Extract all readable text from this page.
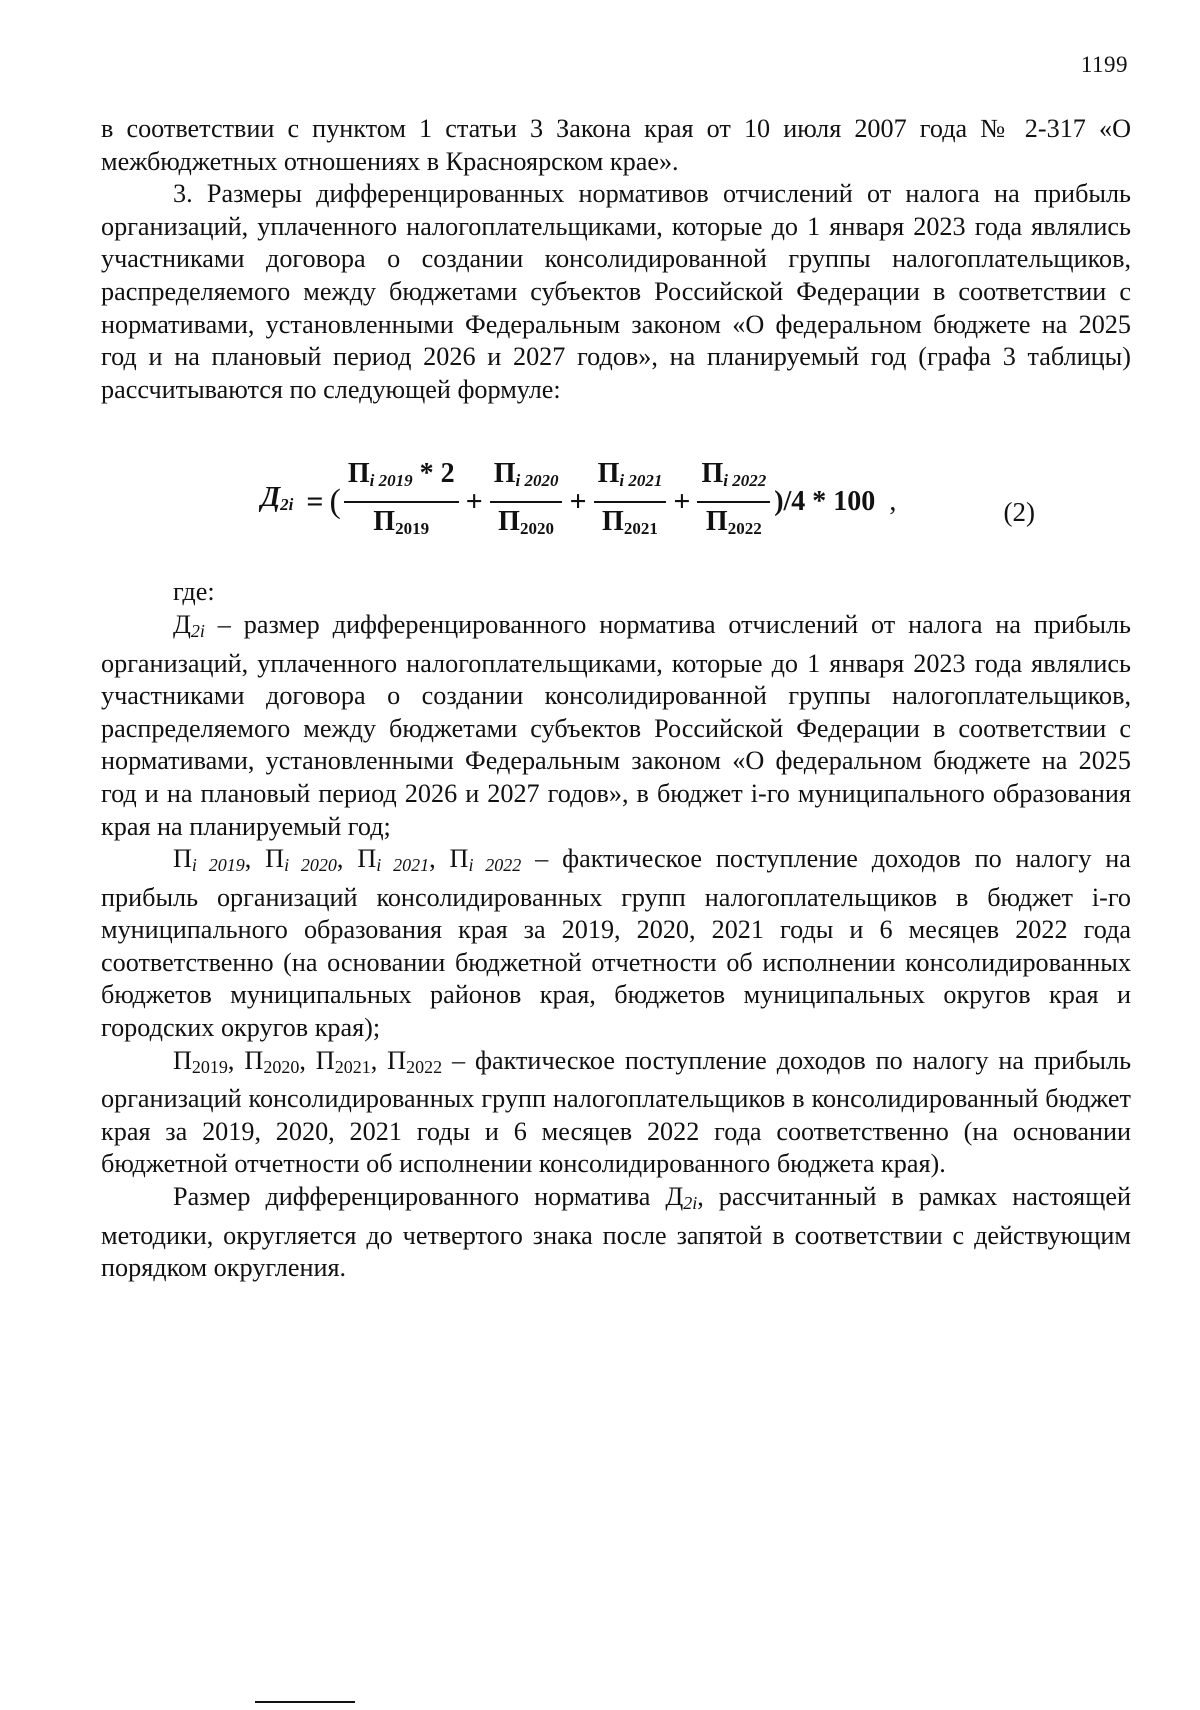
1199

в соответствии с пунктом 1 статьи 3 Закона края от 10 июля 2007 года № 2-317 «О межбюджетных отношениях в Красноярском крае».

3. Размеры дифференцированных нормативов отчислений от налога на прибыль организаций, уплаченного налогоплательщиками, которые до 1 января 2023 года являлись участниками договора о создании консолидированной группы налогоплательщиков, распределяемого между бюджетами субъектов Российской Федерации в соответствии с нормативами, установленными Федеральным законом «О федеральном бюджете на 2025 год и на плановый период 2026 и 2027 годов», на планируемый год (графа 3 таблицы) рассчитываются по следующей формуле:

$Д_{2i}$ = ( $\frac{П_{i 2019} * 2}{П_{2019}} + \frac{П_{i 2020}}{П_{2020}} + \frac{П_{i 2021}}{П_{2021}} + \frac{П_{i 2022}}{П_{2022}} )/4 * 100$ ,	(2)

где:

Д2i – размер дифференцированного норматива отчислений от налога на прибыль организаций, уплаченного налогоплательщиками, которые до 1 января 2023 года являлись участниками договора о создании консолидированной группы налогоплательщиков, распределяемого между бюджетами субъектов Российской Федерации в соответствии с нормативами, установленными Федеральным законом «О федеральном бюджете на 2025 год и на плановый период 2026 и 2027 годов», в бюджет i-го муниципального образования края на планируемый год;

Пi 2019, Пi 2020, Пi 2021, Пi 2022 – фактическое поступление доходов по налогу на прибыль организаций консолидированных групп налогоплательщиков в бюджет i-го муниципального образования края за 2019, 2020, 2021 годы и 6 месяцев 2022 года соответственно (на основании бюджетной отчетности об исполнении консолидированных бюджетов муниципальных районов края, бюджетов муниципальных округов края и городских округов края);

П2019, П2020, П2021, П2022 – фактическое поступление доходов по налогу на прибыль организаций консолидированных групп налогоплательщиков в консолидированный бюджет края за 2019, 2020, 2021 годы и 6 месяцев 2022 года соответственно (на основании бюджетной отчетности об исполнении консолидированного бюджета края).

Размер дифференцированного норматива Д2i, рассчитанный в рамках настоящей методики, округляется до четвертого знака после запятой в соответствии с действующим порядком округления.
